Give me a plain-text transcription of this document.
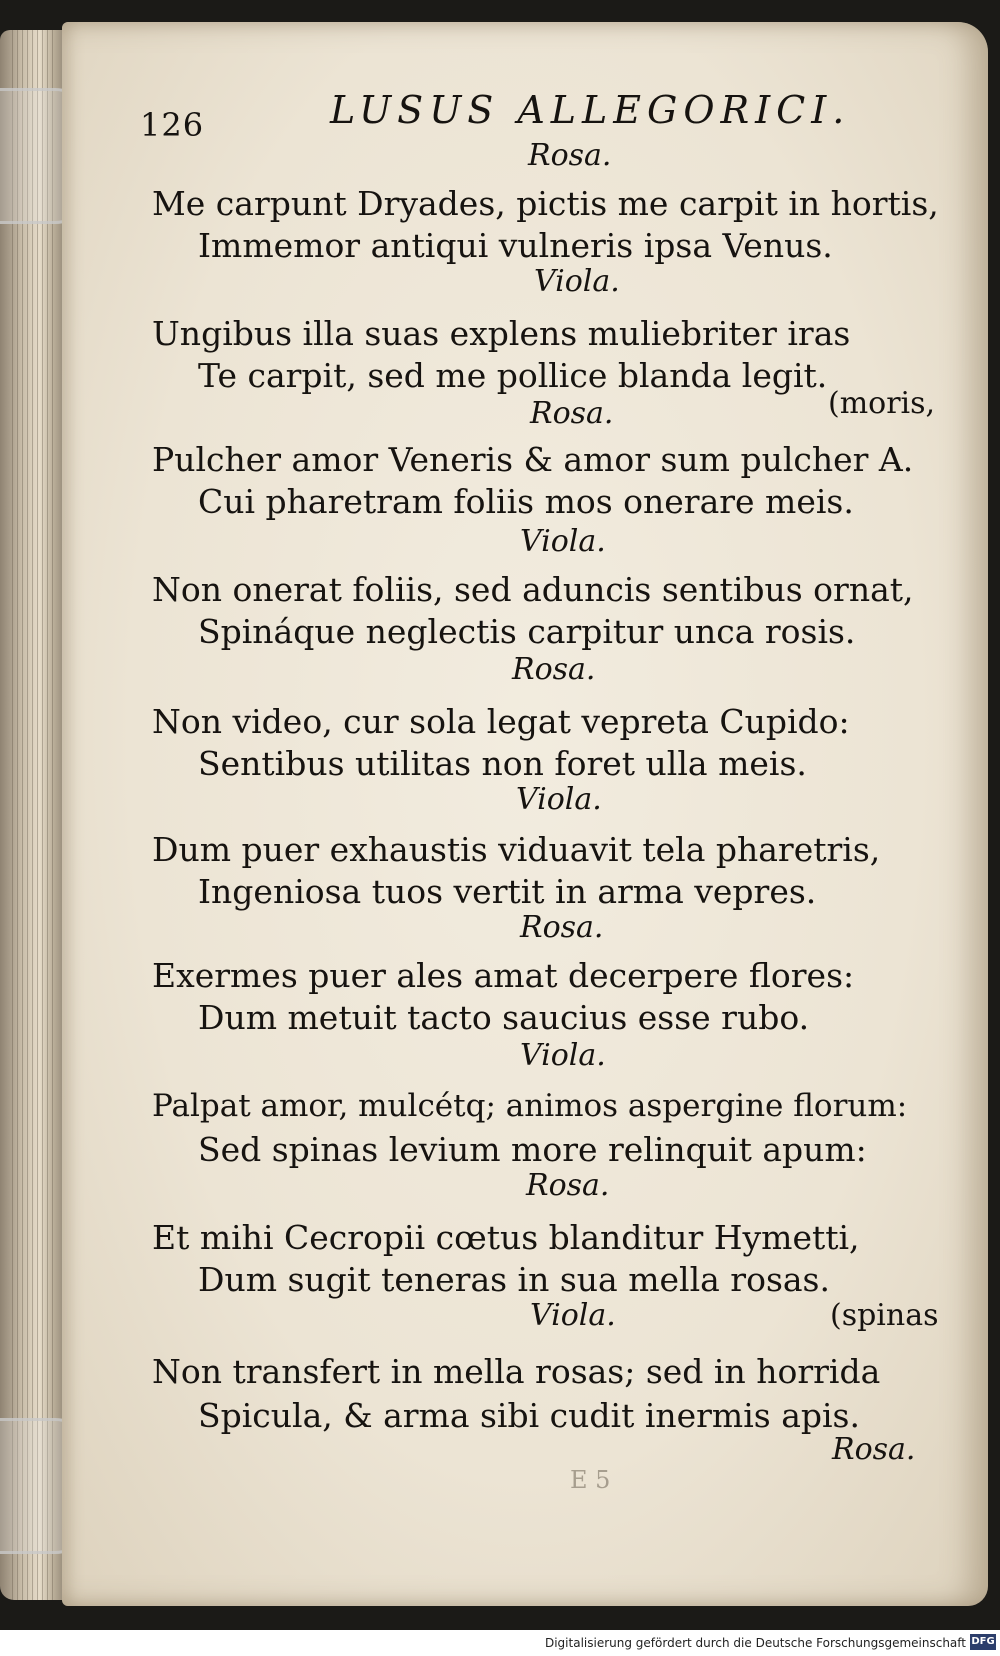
126	LUSUS ALLEGORICI.
Rosa.
Me carpunt Dryades, pictis me carpit in hortis,
Immemor antiqui vulneris ipsa Venus.
Viola.
Ungibus illa suas explens muliebriter iras
Te carpit, sed me pollice blanda legit.
Rosa.	(moris,
Pulcher amor Veneris & amor sum pulcher A.
Cui pharetram foliis mos onerare meis.
Viola.
Non onerat foliis, sed aduncis sentibus ornat,
Spináque neglectis carpitur unca rosis.
Rosa.
Non video, cur sola legat vepreta Cupido:
Sentibus utilitas non foret ulla meis.
Viola.
Dum puer exhaustis viduavit tela pharetris,
Ingeniosa tuos vertit in arma vepres.
Rosa.
Exermes puer ales amat decerpere flores:
Dum metuit tacto saucius esse rubo.
Viola.
Palpat amor, mulcétq; animos aspergine florum:
Sed spinas levium more relinquit apum:
Rosa.
Et mihi Cecropii cœtus blanditur Hymetti,
Dum sugit teneras in sua mella rosas.
Viola.	(spinas
Non transfert in mella rosas; sed in horrida
Spicula, & arma sibi cudit inermis apis.
Rosa.
E 5
Digitalisierung gefördert durch die Deutsche Forschungsgemeinschaft DFG
